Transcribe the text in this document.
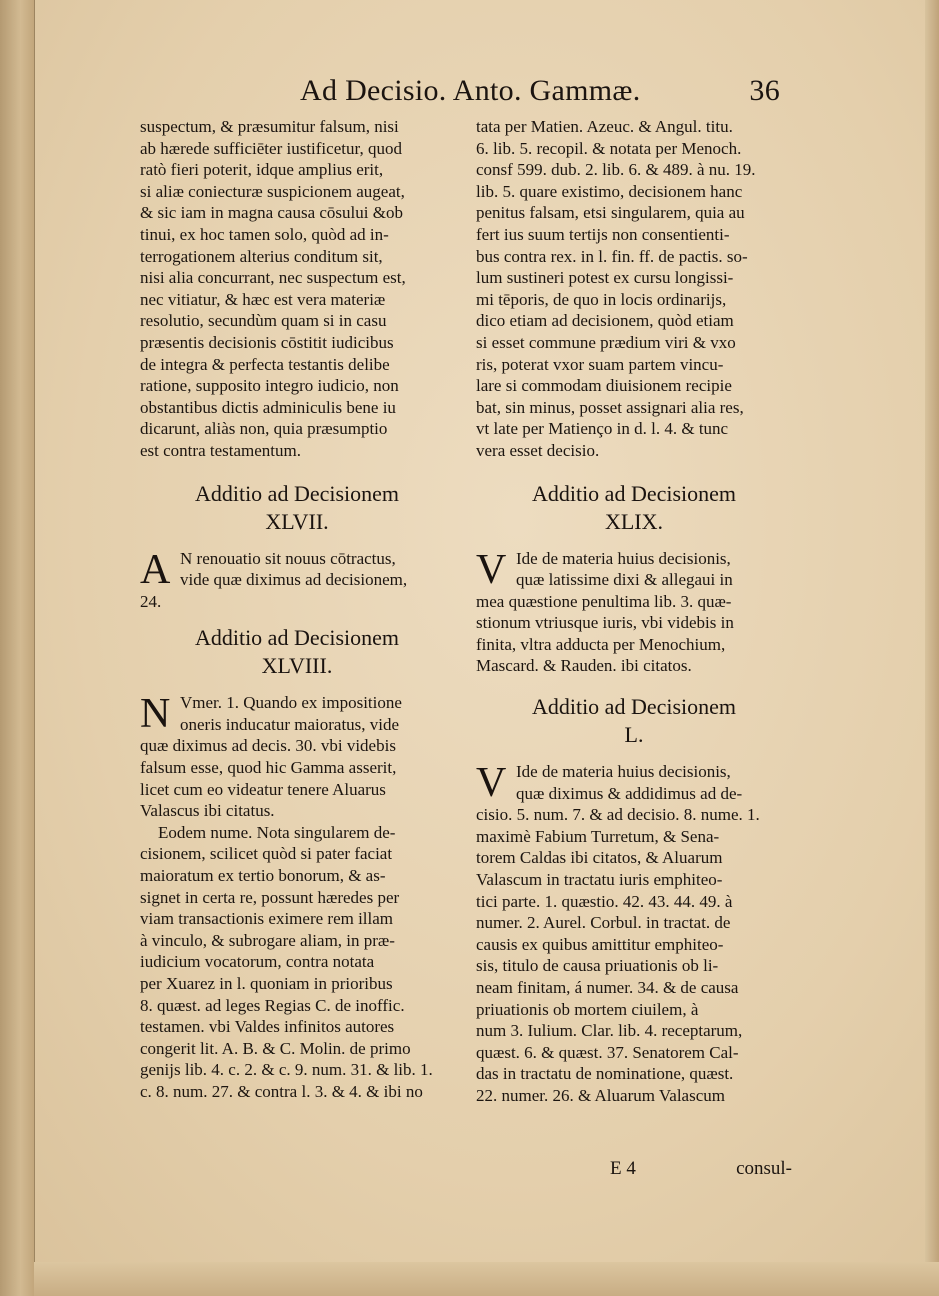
Ad Decisio. Anto. Gammæ.	36
suspectum, & præsumitur falsum, nisi
ab hærede sufficiēter iustificetur, quod
ratò fieri poterit, idque amplius erit,
si aliæ coniecturæ suspicionem augeat,
& sic iam in magna causa cōsului &ob
tinui, ex hoc tamen solo, quòd ad in-
terrogationem alterius conditum sit,
nisi alia concurrant, nec suspectum est,
nec vitiatur, & hæc est vera materiæ
resolutio, secundùm quam si in casu
præsentis decisionis cōstitit iudicibus
de integra & perfecta testantis delibe
ratione, supposito integro iudicio, non
obstantibus dictis adminiculis bene iu
dicarunt, aliàs non, quia præsumptio
est contra testamentum.
Additio ad Decisionem
XLVII.
A N renouatio sit nouus cōtractus,
vide quæ diximus ad decisionem,
24.
Additio ad Decisionem
XLVIII.
N Vmer. 1. Quando ex impositione
oneris inducatur maioratus, vide
quæ diximus ad decis. 30. vbi videbis
falsum esse, quod hic Gamma asserit,
licet cum eo videatur tenere Aluarus
Valascus ibi citatus.
Eodem nume. Nota singularem de-
cisionem, scilicet quòd si pater faciat
maioratum ex tertio bonorum, & as-
signet in certa re, possunt hæredes per
viam transactionis eximere rem illam
à vinculo, & subrogare aliam, in præ-
iudicium vocatorum, contra notata
per Xuarez in l. quoniam in prioribus
8. quæst. ad leges Regias C. de inoffic.
testamen. vbi Valdes infinitos autores
congerit lit. A. B. & C. Molin. de primo
genijs lib. 4. c. 2. & c. 9. num. 31. & lib. 1.
c. 8. num. 27. & contra l. 3. & 4. & ibi no
tata per Matien. Azeuc. & Angul. titu.
6. lib. 5. recopil. & notata per Menoch.
consf 599. dub. 2. lib. 6. & 489. à nu. 19.
lib. 5. quare existimo, decisionem hanc
penitus falsam, etsi singularem, quia au
fert ius suum tertijs non consentienti-
bus contra rex. in l. fin. ff. de pactis. so-
lum sustineri potest ex cursu longissi-
mi tēporis, de quo in locis ordinarijs,
dico etiam ad decisionem, quòd etiam
si esset commune prædium viri & vxo
ris, poterat vxor suam partem vincu-
lare si commodam diuisionem recipie
bat, sin minus, posset assignari alia res,
vt late per Matienço in d. l. 4. & tunc
vera esset decisio.
Additio ad Decisionem
XLIX.
V Ide de materia huius decisionis,
quæ latissime dixi & allegaui in
mea quæstione penultima lib. 3. quæ-
stionum vtriusque iuris, vbi videbis in
finita, vltra adducta per Menochium,
Mascard. & Rauden. ibi citatos.
Additio ad Decisionem
L.
V Ide de materia huius decisionis,
quæ diximus & addidimus ad de-
cisio. 5. num. 7. & ad decisio. 8. nume. 1.
maximè Fabium Turretum, & Sena-
torem Caldas ibi citatos, & Aluarum
Valascum in tractatu iuris emphiteo-
tici parte. 1. quæstio. 42. 43. 44. 49. à
numer. 2. Aurel. Corbul. in tractat. de
causis ex quibus amittitur emphiteo-
sis, titulo de causa priuationis ob li-
neam finitam, á numer. 34. & de causa
priuationis ob mortem ciuilem, à
num 3. Iulium. Clar. lib. 4. receptarum,
quæst. 6. & quæst. 37. Senatorem Cal-
das in tractatu de nominatione, quæst.
22. numer. 26. & Aluarum Valascum
E 4	consul-
